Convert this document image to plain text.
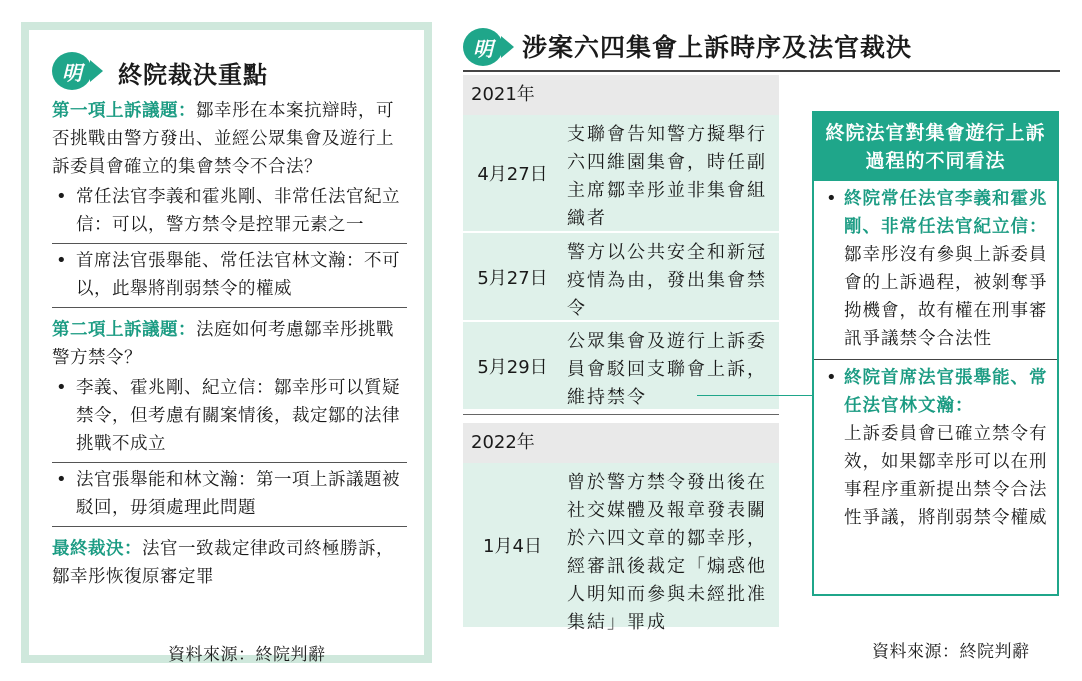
明	終院裁決重點
第一項上訴議題：鄒幸彤在本案抗辯時，可否挑戰由警方發出、並經公眾集會及遊行上訴委員會確立的集會禁令不合法？
• 常任法官李義和霍兆剛、非常任法官紀立信：可以，警方禁令是控罪元素之一
• 首席法官張舉能、常任法官林文瀚：不可以，此舉將削弱禁令的權威
第二項上訴議題：法庭如何考慮鄒幸彤挑戰警方禁令？
• 李義、霍兆剛、紀立信：鄒幸彤可以質疑禁令，但考慮有關案情後，裁定鄒的法律挑戰不成立
• 法官張舉能和林文瀚：第一項上訴議題被駁回，毋須處理此問題
最終裁決：法官一致裁定律政司終極勝訴，鄒幸彤恢復原審定罪
資料來源：終院判辭
明	涉案六四集會上訴時序及法官裁決
2021年
4月27日
支聯會告知警方擬舉行六四維園集會，時任副主席鄒幸彤並非集會組織者
5月27日
警方以公共安全和新冠疫情為由，發出集會禁令
5月29日
公眾集會及遊行上訴委員會駁回支聯會上訴，維持禁令
2022年
1月4日
曾於警方禁令發出後在社交媒體及報章發表關於六四文章的鄒幸彤，經審訊後裁定「煽惑他人明知而參與未經批准集結」罪成
終院法官對集會遊行上訴過程的不同看法
• 終院常任法官李義和霍兆剛、非常任法官紀立信：
鄒幸彤沒有參與上訴委員會的上訴過程，被剝奪爭拗機會，故有權在刑事審訊爭議禁令合法性
• 終院首席法官張舉能、常任法官林文瀚：
上訴委員會已確立禁令有效，如果鄒幸彤可以在刑事程序重新提出禁令合法性爭議，將削弱禁令權威
資料來源：終院判辭
